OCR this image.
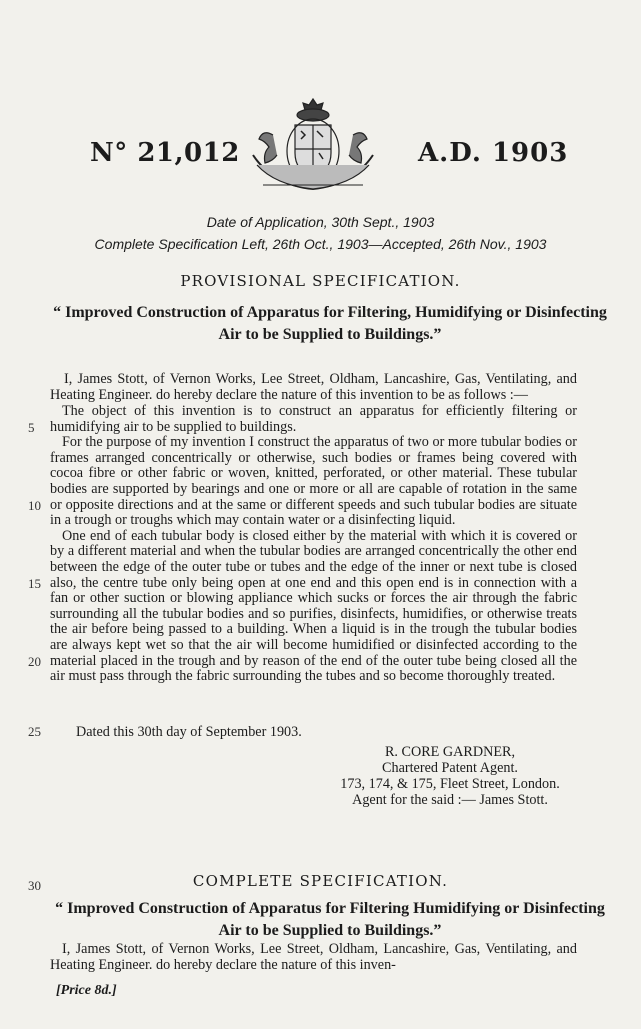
N° 21,012	A.D. 1903
Date of Application, 30th Sept., 1903
Complete Specification Left, 26th Oct., 1903—Accepted, 26th Nov., 1903
PROVISIONAL SPECIFICATION.
“ Improved Construction of Apparatus for Filtering, Humidifying or Disinfecting Air to be Supplied to Buildings.”

I, James Stott, of Vernon Works, Lee Street, Oldham, Lancashire, Gas, Ventilating, and Heating Engineer. do hereby declare the nature of this invention to be as follows :—

The object of this invention is to construct an apparatus for efficiently filtering or humidifying air to be supplied to buildings.

For the purpose of my invention I construct the apparatus of two or more tubular bodies or frames arranged concentrically or otherwise, such bodies or frames being covered with cocoa fibre or other fabric or woven, knitted, perforated, or other material. These tubular bodies are supported by bearings and one or more or all are capable of rotation in the same or opposite directions and at the same or different speeds and such tubular bodies are situate in a trough or troughs which may contain water or a disinfecting liquid.

One end of each tubular body is closed either by the material with which it is covered or by a different material and when the tubular bodies are arranged concentrically the other end between the edge of the outer tube or tubes and the edge of the inner or next tube is closed also, the centre tube only being open at one end and this open end is in connection with a fan or other suction or blowing appliance which sucks or forces the air through the fabric surrounding all the tubular bodies and so purifies, disinfects, humidifies, or otherwise treats the air before being passed to a building. When a liquid is in the trough the tubular bodies are always kept wet so that the air will become humidified or disinfected according to the material placed in the trough and by reason of the end of the outer tube being closed all the air must pass through the fabric surrounding the tubes and so become thoroughly treated.

5
10
15
20
25
30
Dated this 30th day of September 1903.
R. CORE GARDNER,
Chartered Patent Agent.
173, 174, & 175, Fleet Street, London.
Agent for the said :— James Stott.
COMPLETE SPECIFICATION.
“ Improved Construction of Apparatus for Filtering Humidifying or Disinfecting Air to be Supplied to Buildings.”

I, James Stott, of Vernon Works, Lee Street, Oldham, Lancashire, Gas, Ventilating, and Heating Engineer. do hereby declare the nature of this inven-

[Price 8d.]
